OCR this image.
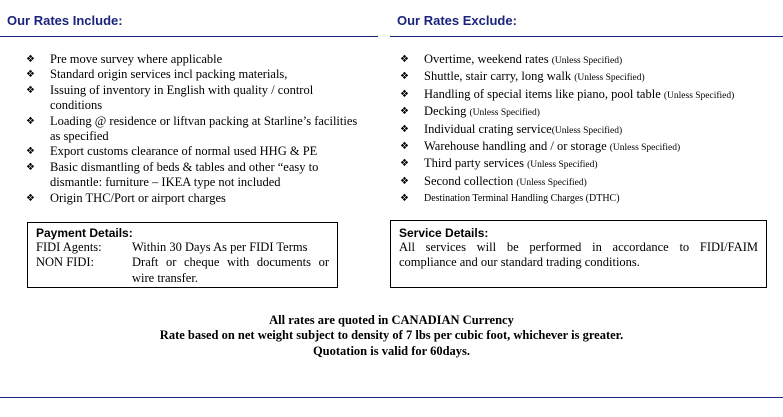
Our Rates Include:	Our Rates Exclude:
❖ Pre move survey where applicable
❖ Standard origin services incl packing materials,
❖ Issuing of inventory in English with quality / control conditions
❖ Loading @ residence or liftvan packing at Starline’s facilities as specified
❖ Export customs clearance of normal used HHG & PE
❖ Basic dismantling of beds & tables and other “easy to dismantle: furniture – IKEA type not included
❖ Origin THC/Port or airport charges
❖ Overtime, weekend rates (Unless Specified)
❖ Shuttle, stair carry, long walk (Unless Specified)
❖ Handling of special items like piano, pool table (Unless Specified)
❖ Decking (Unless Specified)
❖ Individual crating service(Unless Specified)
❖ Warehouse handling and / or storage (Unless Specified)
❖ Third party services (Unless Specified)
❖ Second collection (Unless Specified)
❖ Destination Terminal Handling Charges (DTHC)
Payment Details:
FIDI Agents: Within 30 Days As per FIDI Terms
NON FIDI:	Draft or cheque with documents or wire transfer.
Service Details:
All services will be performed in accordance to FIDI/FAIM compliance and our standard trading conditions.
All rates are quoted in CANADIAN Currency
Rate based on net weight subject to density of 7 lbs per cubic foot, whichever is greater.
Quotation is valid for 60days.
